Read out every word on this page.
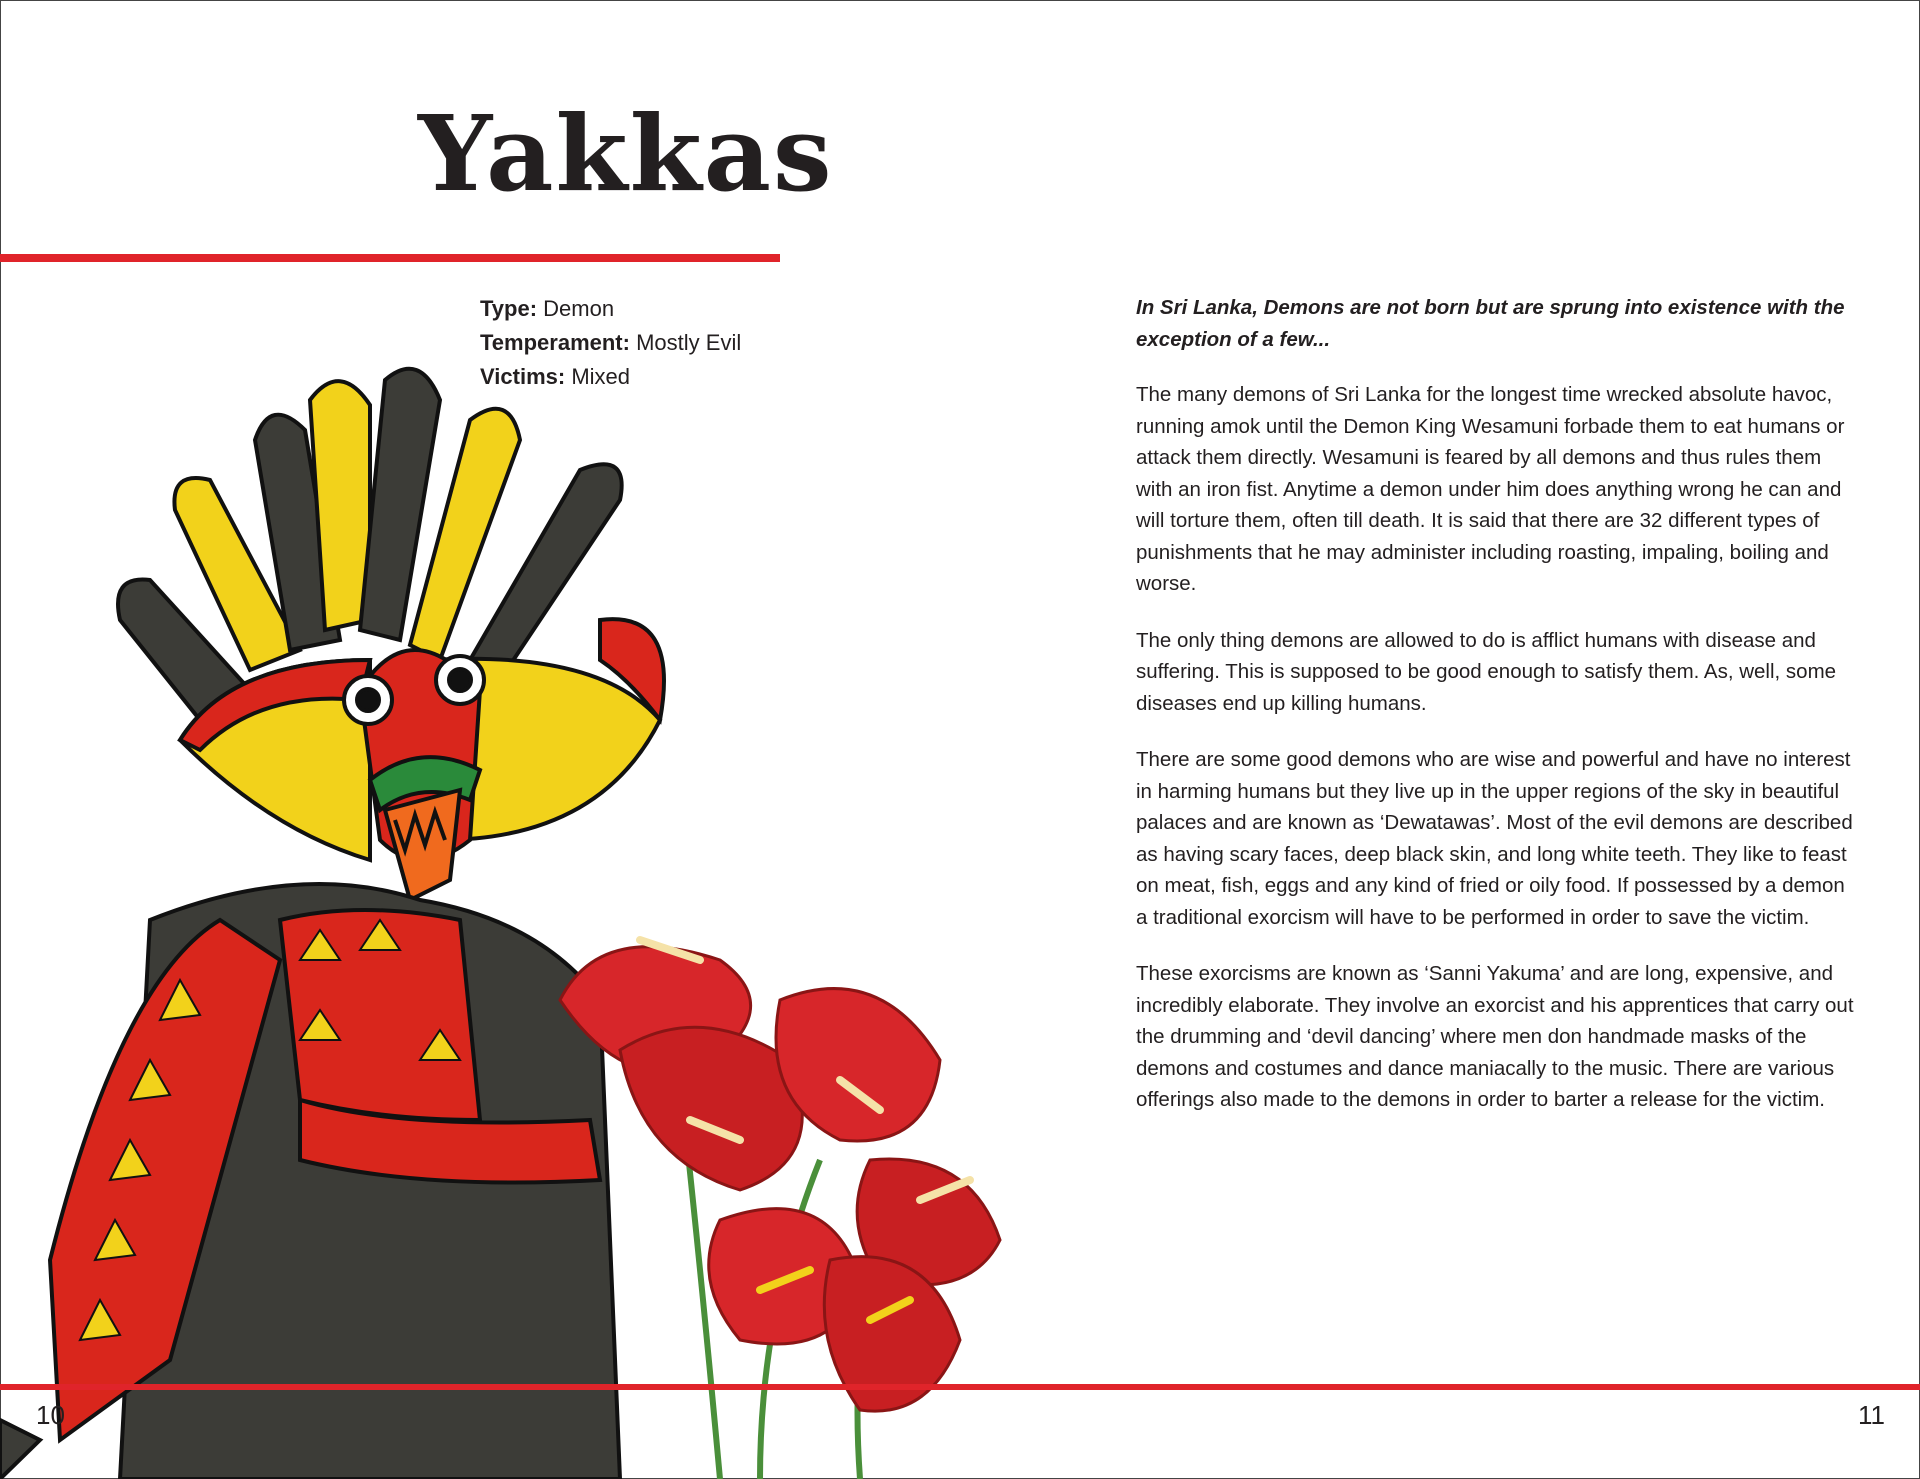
Yakkas
Type: Demon
Temperament: Mostly Evil
Victims: Mixed

In Sri Lanka, Demons are not born but are sprung into existence with the exception of a few...

The many demons of Sri Lanka for the longest time wrecked absolute havoc, running amok until the Demon King Wesamuni forbade them to eat humans or attack them directly. Wesamuni is feared by all demons and thus rules them with an iron fist. Anytime a demon under him does anything wrong he can and will torture them, often till death. It is said that there are 32 different types of punishments that he may administer including roasting, impaling, boiling and worse.

The only thing demons are allowed to do is afflict humans with disease and suffering. This is supposed to be good enough to satisfy them. As, well, some diseases end up killing humans.

There are some good demons who are wise and powerful and have no interest in harming humans but they live up in the upper regions of the sky in beautiful palaces and are known as ‘Dewatawas’. Most of the evil demons are described as having scary faces, deep black skin, and long white teeth. They like to feast on meat, fish, eggs and any kind of fried or oily food. If possessed by a demon a traditional exorcism will have to be performed in order to save the victim.

These exorcisms are known as ‘Sanni Yakuma’ and are long, expensive, and incredibly elaborate. They involve an exorcist and his apprentices that carry out the drumming and ‘devil dancing’ where men don handmade masks of the demons and costumes and dance maniacally to the music. There are various offerings also made to the demons in order to barter a release for the victim.

10	11
